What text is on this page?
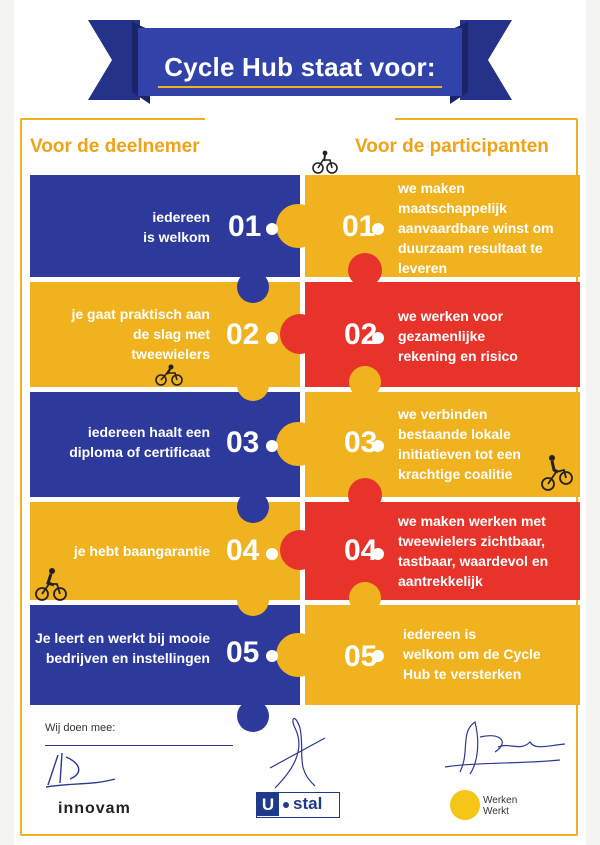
Cycle Hub staat voor:
Voor de deelnemer	Voor de participanten
iedereen
is welkom 01	01
we maken
maatschappelijk
aanvaardbare winst om
duurzaam resultaat te
leveren
je gaat praktisch aan
de slag met
tweewielers
02	02
we werken voor
gezamenlijke
rekening en risico
iedereen haalt een
diploma of certificaat 03	03
we verbinden
bestaande lokale
initiatieven tot een
krachtige coalitie
je hebt baangarantie 04	04
we maken werken met
tweewielers zichtbaar,
tastbaar, waardevol en
aantrekkelijk
Je leert en werkt bij mooie
bedrijven en instellingen 05	05
iedereen is
welkom om de Cycle
Hub te versterken
Wij doen mee:
innovam	U stal	Werken
Werkt
